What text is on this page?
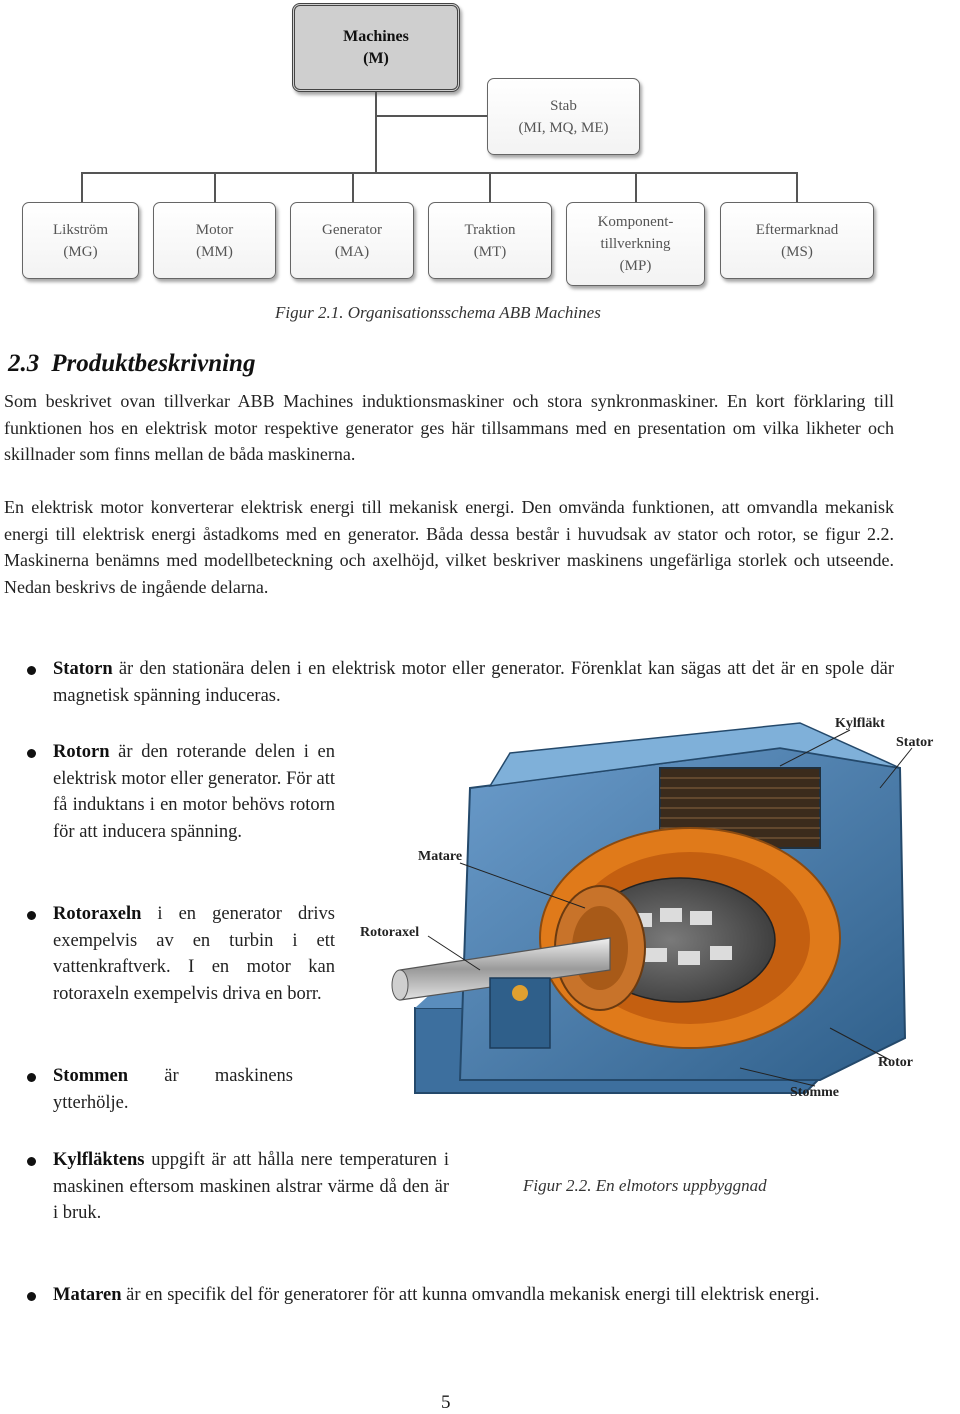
Machines
(M)
Stab
(MI, MQ, ME)
Likström
(MG)
Motor
(MM)
Generator
(MA)
Traktion
(MT)
Komponent-
tillverkning
(MP)
Eftermarknad
(MS)
Figur 2.1. Organisationsschema ABB Machines
2.3 Produktbeskrivning

Som beskrivet ovan tillverkar ABB Machines induktionsmaskiner och stora synkronmaskiner. En kort förklaring till funktionen hos en elektrisk motor respektive generator ges här tillsammans med en presentation om vilka likheter och skillnader som finns mellan de båda maskinerna.

En elektrisk motor konverterar elektrisk energi till mekanisk energi. Den omvända funktionen, att omvandla mekanisk energi till elektrisk energi åstadkoms med en generator. Båda dessa består i huvudsak av stator och rotor, se figur 2.2. Maskinerna benämns med modellbeteckning och axelhöjd, vilket beskriver maskinens ungefärliga storlek och utseende. Nedan beskrivs de ingående delarna.

Statorn är den stationära delen i en elektrisk motor eller generator. Förenklat kan sägas att det är en spole där magnetisk spänning induceras.
Rotorn är den roterande delen i en elektrisk motor eller generator. För att få induktans i en motor behövs rotorn för att inducera spänning.
Rotoraxeln i en generator drivs exempelvis av en turbin i ett vattenkraftverk. I en motor kan rotoraxeln exempelvis driva en borr.
Stommen är maskinens ytterhölje.
Kylfläktens uppgift är att hålla nere temperaturen i maskinen eftersom maskinen alstrar värme då den är i bruk.
Mataren är en specifik del för generatorer för att kunna omvandla mekanisk energi till elektrisk energi.
Kylfläkt
Stator
Matare
Rotoraxel
Rotor
Stomme
Figur 2.2. En elmotors uppbyggnad
5
